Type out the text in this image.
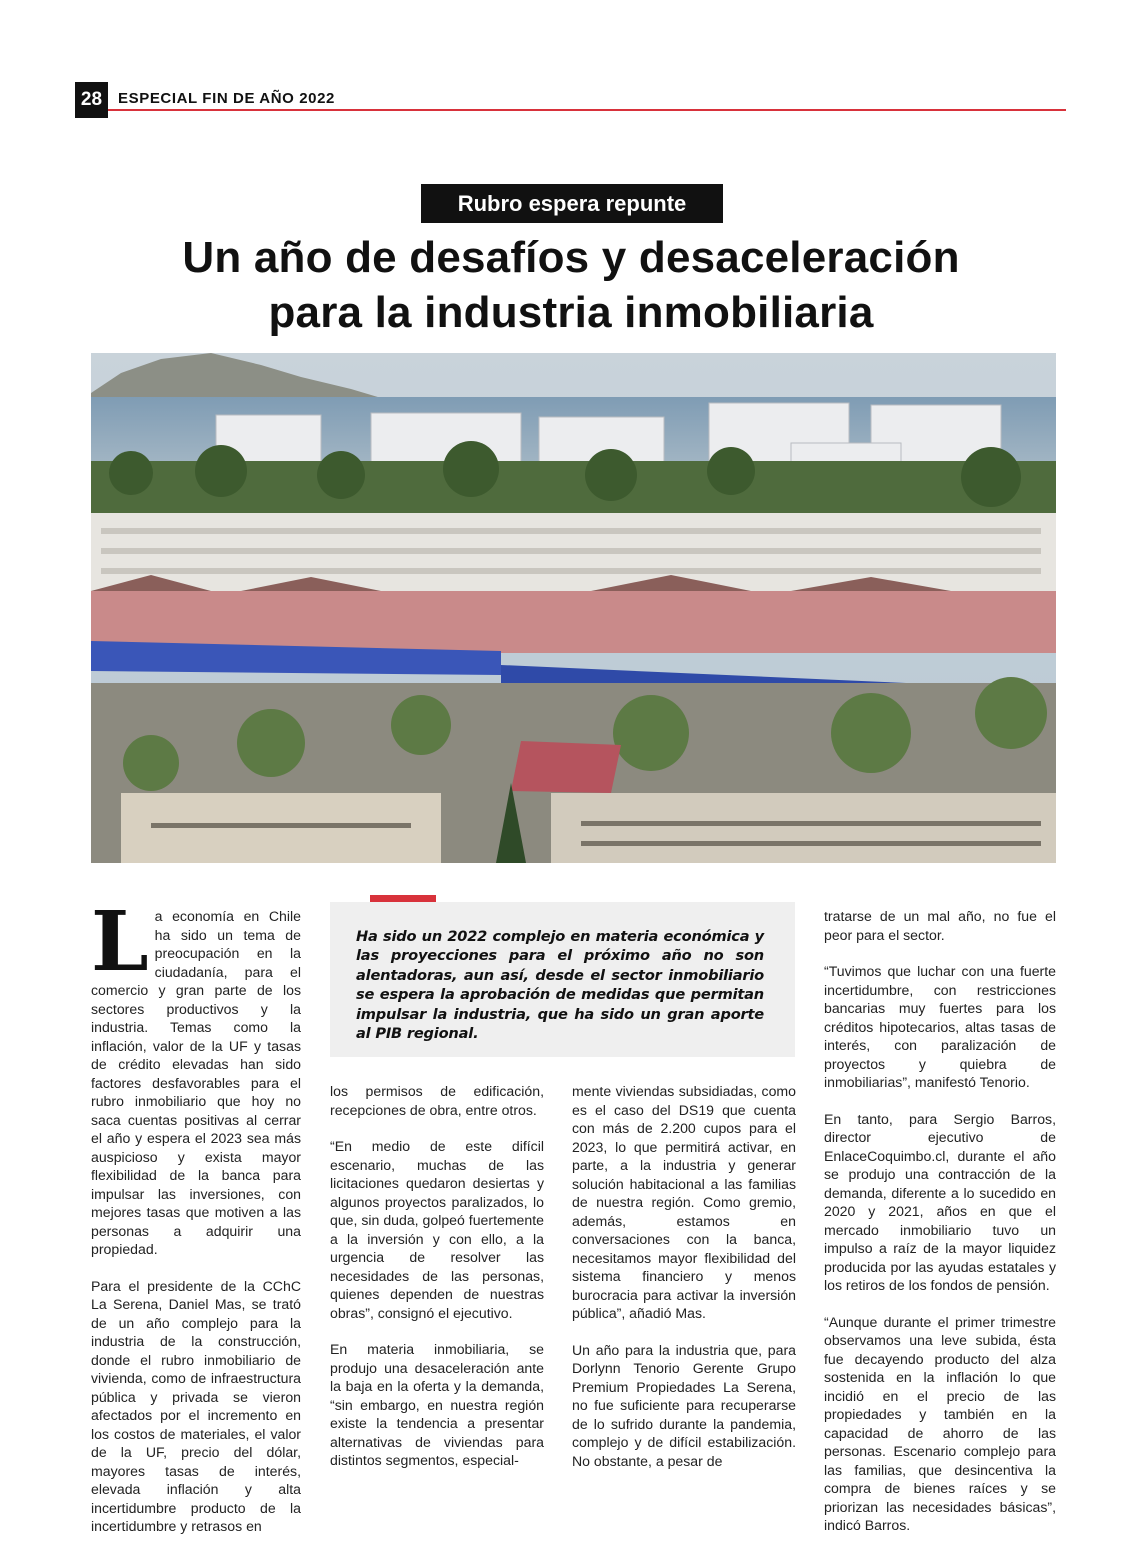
28	ESPECIAL FIN DE AÑO 2022
Rubro espera repunte
Un año de desafíos y desaceleración
para la industria inmobiliaria

La economía en Chile ha sido un tema de preocupación en la ciudadanía, para el comercio y gran parte de los sectores productivos y la industria. Temas como la inflación, valor de la UF y tasas de crédito elevadas han sido factores desfavorables para el rubro inmobiliario que hoy no saca cuentas positivas al cerrar el año y espera el 2023 sea más auspicioso y exista mayor flexibilidad de la banca para impulsar las inversiones, con mejores tasas que motiven a las personas a adquirir una propiedad.

Para el presidente de la CChC La Serena, Daniel Mas, se trató de un año complejo para la industria de la construcción, donde el rubro inmobiliario de vivienda, como de infraestructura pública y privada se vieron afectados por el incremento en los costos de materiales, el valor de la UF, precio del dólar, mayores tasas de interés, elevada inflación y alta incertidumbre producto de la incertidumbre y retrasos en

Ha sido un 2022 complejo en materia económica y las proyecciones para el próximo año no son alentadoras, aun así, desde el sector inmobiliario se espera la aprobación de medidas que permitan impulsar la industria, que ha sido un gran aporte al PIB regional.

los permisos de edificación, recepciones de obra, entre otros.

“En medio de este difícil escenario, muchas de las licitaciones quedaron desiertas y algunos proyectos paralizados, lo que, sin duda, golpeó fuertemente a la inversión y con ello, a la urgencia de resolver las necesidades de las personas, quienes dependen de nuestras obras”, consignó el ejecutivo.

En materia inmobiliaria, se produjo una desaceleración ante la baja en la oferta y la demanda, “sin embargo, en nuestra región existe la tendencia a presentar alternativas de viviendas para distintos segmentos, especial-

mente viviendas subsidiadas, como es el caso del DS19 que cuenta con más de 2.200 cupos para el 2023, lo que permitirá activar, en parte, a la industria y generar solución habitacional a las familias de nuestra región. Como gremio, además, estamos en conversaciones con la banca, necesitamos mayor flexibilidad del sistema financiero y menos burocracia para activar la inversión pública”, añadió Mas.

Un año para la industria que, para Dorlynn Tenorio Gerente Grupo Premium Propiedades La Serena, no fue suficiente para recuperarse de lo sufrido durante la pandemia, complejo y de difícil estabilización. No obstante, a pesar de

tratarse de un mal año, no fue el peor para el sector.

“Tuvimos que luchar con una fuerte incertidumbre, con restricciones bancarias muy fuertes para los créditos hipotecarios, altas tasas de interés, con paralización de proyectos y quiebra de inmobiliarias”, manifestó Tenorio.

En tanto, para Sergio Barros, director ejecutivo de EnlaceCoquimbo.cl, durante el año se produjo una contracción de la demanda, diferente a lo sucedido en 2020 y 2021, años en que el mercado inmobiliario tuvo un impulso a raíz de la mayor liquidez producida por las ayudas estatales y los retiros de los fondos de pensión.

“Aunque durante el primer trimestre observamos una leve subida, ésta fue decayendo producto del alza sostenida en la inflación lo que incidió en el precio de las propiedades y también en la capacidad de ahorro de las personas. Escenario complejo para las familias, que desincentiva la compra de bienes raíces y se priorizan las necesidades básicas”, indicó Barros.
